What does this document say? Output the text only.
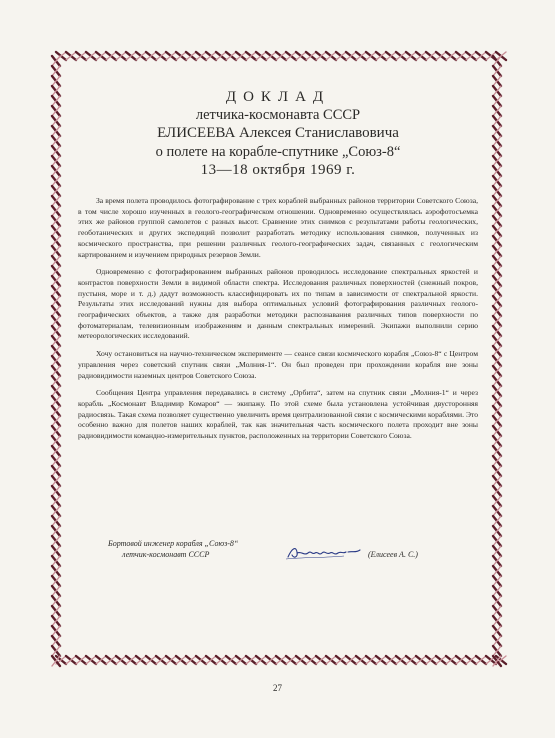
ДОКЛАД
летчика-космонавта СССР
ЕЛИСЕЕВА Алексея Станиславовича
о полете на корабле-спутнике „Союз-8“
13—18 октября 1969 г.

За время полета проводилось фотографирование с трех кораблей выбранных районов территории Советского Союза, в том числе хорошо изученных в геолого-географическом отношении. Одновременно осуществлялась аэрофотосъемка этих же районов группой самолетов с разных высот. Сравнение этих снимков с результатами работы геологических, геоботанических и других экспедиций позволит разработать методику использования снимков, полученных из космического пространства, при решении различных геолого-географических задач, связанных с геологическим картированием и изучением природных резервов Земли.

Одновременно с фотографированием выбранных районов проводилось исследование спектральных яркостей и контрастов поверхности Земли в видимой области спектра. Исследования различных поверхностей (снежный покров, пустыня, море и т. д.) дадут возможность классифицировать их по типам в зависимости от спектральной яркости. Результаты этих исследований нужны для выбора оптимальных условий фотографирования различных геолого-географических объектов, а также для разработки методики распознавания различных типов поверхности по фотоматериалам, телевизионным изображениям и данным спектральных измерений. Экипажи выполнили серию метеорологических исследований.

Хочу остановиться на научно-техническом эксперименте — сеансе связи космического корабля „Союз-8“ с Центром управления через советский спутник связи „Молния-1“. Он был проведен при прохождении корабля вне зоны радиовидимости наземных центров Советского Союза.

Сообщения Центра управления передавались в систему „Орбита“, затем на спутник связи „Молния-1“ и через корабль „Космонавт Владимир Комаров“ — экипажу. По этой схеме была установлена устойчивая двусторонняя радиосвязь. Такая схема позволяет существенно увеличить время централизованной связи с космическими кораблями. Это особенно важно для полетов наших кораблей, так как значительная часть космического полета проходит вне зоны радиовидимости командно-измерительных пунктов, расположенных на территории Советского Союза.

Бортовой инженер корабля „Союз-8“
летчик-космонавт СССР	(Елисеев А. С.)
27
